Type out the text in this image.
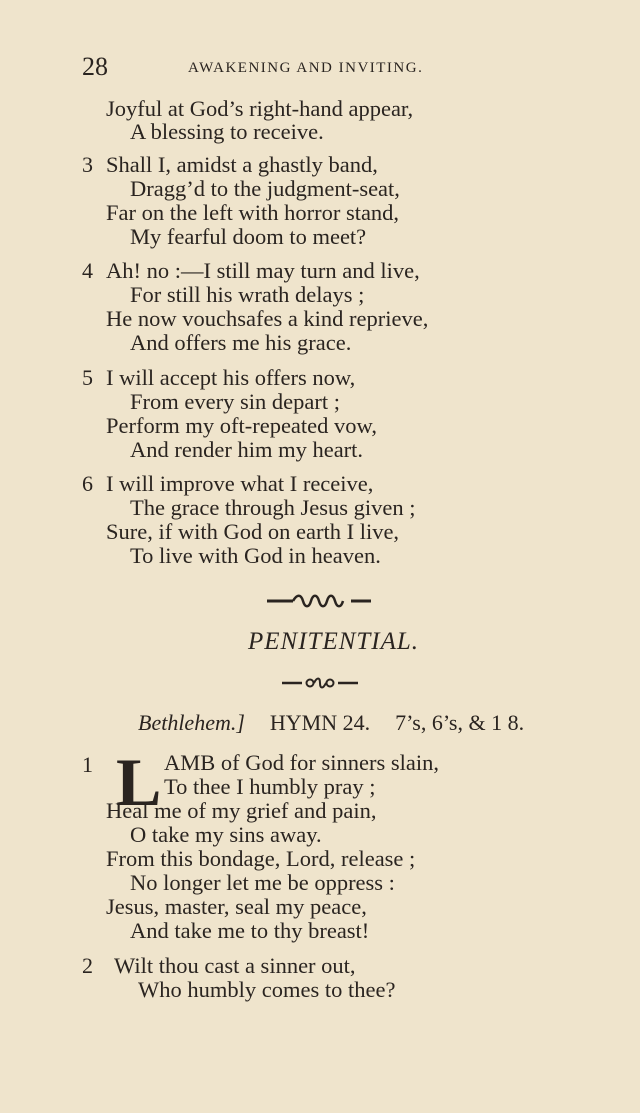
28	AWAKENING AND INVITING.
Joyful at God’s right-hand appear,
A blessing to receive.
3 Shall I, amidst a ghastly band,
Dragg’d to the judgment-seat,
Far on the left with horror stand,
My fearful doom to meet?
4 Ah! no :—I still may turn and live,
For still his wrath delays ;
He now vouchsafes a kind reprieve,
And offers me his grace.
5 I will accept his offers now,
From every sin depart ;
Perform my oft-repeated vow,
And render him my heart.
6 I will improve what I receive,
The grace through Jesus given ;
Sure, if with God on earth I live,
To live with God in heaven.
PENITENTIAL.
Bethlehem.] HYMN 24. 7’s, 6’s, & 1 8.
1 L AMB of God for sinners slain,
To thee I humbly pray ;
Heal me of my grief and pain,
O take my sins away.
From this bondage, Lord, release ;
No longer let me be oppress :
Jesus, master, seal my peace,
And take me to thy breast!
2 Wilt thou cast a sinner out,
Who humbly comes to thee?
